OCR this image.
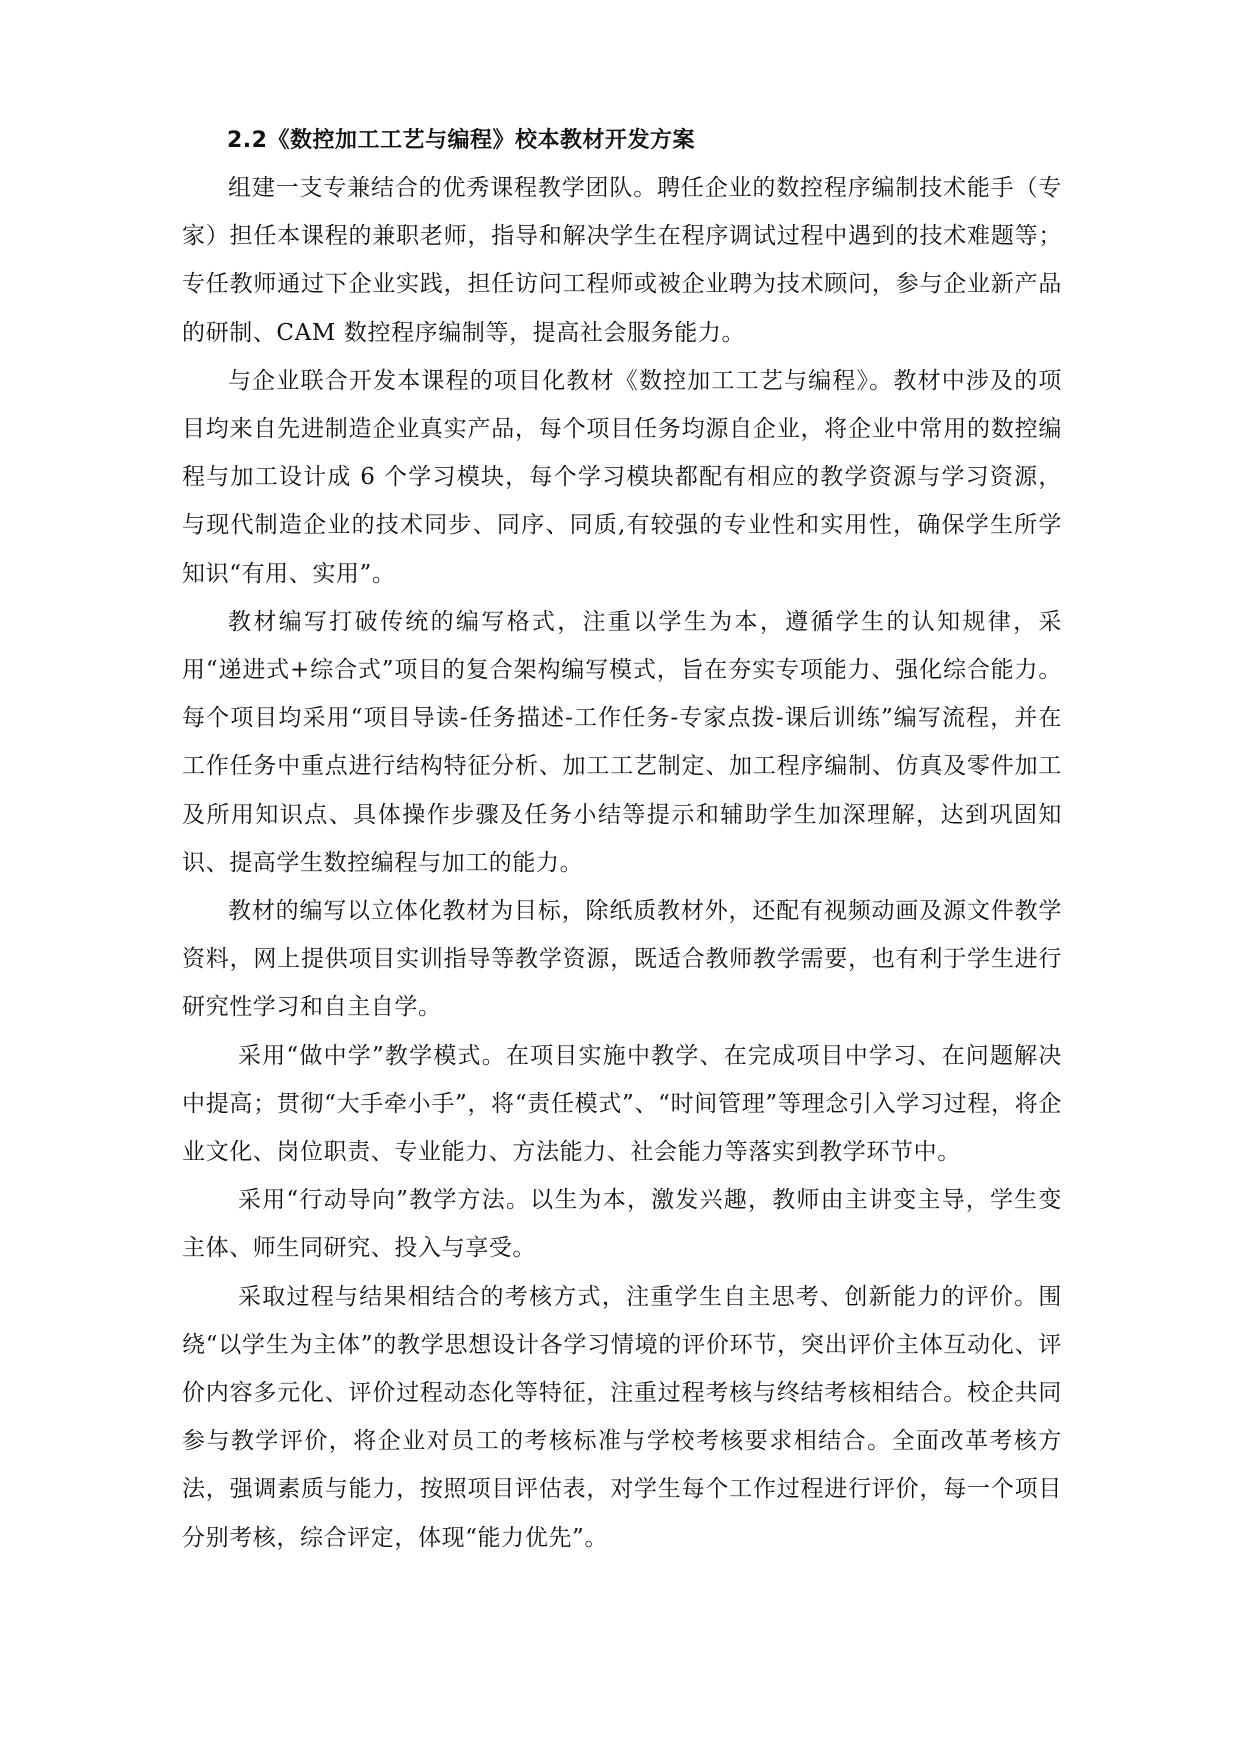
2.2《数控加工工艺与编程》校本教材开发方案

组建一支专兼结合的优秀课程教学团队。聘任企业的数控程序编制技术能手（专家）担任本课程的兼职老师，指导和解决学生在程序调试过程中遇到的技术难题等；专任教师通过下企业实践，担任访问工程师或被企业聘为技术顾问，参与企业新产品的研制、CAM 数控程序编制等，提高社会服务能力。

与企业联合开发本课程的项目化教材《数控加工工艺与编程》。教材中涉及的项目均来自先进制造企业真实产品，每个项目任务均源自企业，将企业中常用的数控编程与加工设计成 6 个学习模块，每个学习模块都配有相应的教学资源与学习资源，与现代制造企业的技术同步、同序、同质,有较强的专业性和实用性，确保学生所学知识“有用、实用”。

教材编写打破传统的编写格式，注重以学生为本，遵循学生的认知规律，采用“递进式+综合式”项目的复合架构编写模式，旨在夯实专项能力、强化综合能力。每个项目均采用“项目导读-任务描述-工作任务-专家点拨-课后训练”编写流程，并在工作任务中重点进行结构特征分析、加工工艺制定、加工程序编制、仿真及零件加工及所用知识点、具体操作步骤及任务小结等提示和辅助学生加深理解，达到巩固知识、提高学生数控编程与加工的能力。

教材的编写以立体化教材为目标，除纸质教材外，还配有视频动画及源文件教学资料，网上提供项目实训指导等教学资源，既适合教师教学需要，也有利于学生进行研究性学习和自主自学。

采用“做中学”教学模式。在项目实施中教学、在完成项目中学习、在问题解决中提高；贯彻“大手牵小手”，将“责任模式”、“时间管理”等理念引入学习过程，将企业文化、岗位职责、专业能力、方法能力、社会能力等落实到教学环节中。

采用“行动导向”教学方法。以生为本，激发兴趣，教师由主讲变主导，学生变主体、师生同研究、投入与享受。

采取过程与结果相结合的考核方式，注重学生自主思考、创新能力的评价。围绕“以学生为主体”的教学思想设计各学习情境的评价环节，突出评价主体互动化、评价内容多元化、评价过程动态化等特征，注重过程考核与终结考核相结合。校企共同参与教学评价，将企业对员工的考核标准与学校考核要求相结合。全面改革考核方法，强调素质与能力，按照项目评估表，对学生每个工作过程进行评价，每一个项目分别考核，综合评定，体现“能力优先”。
